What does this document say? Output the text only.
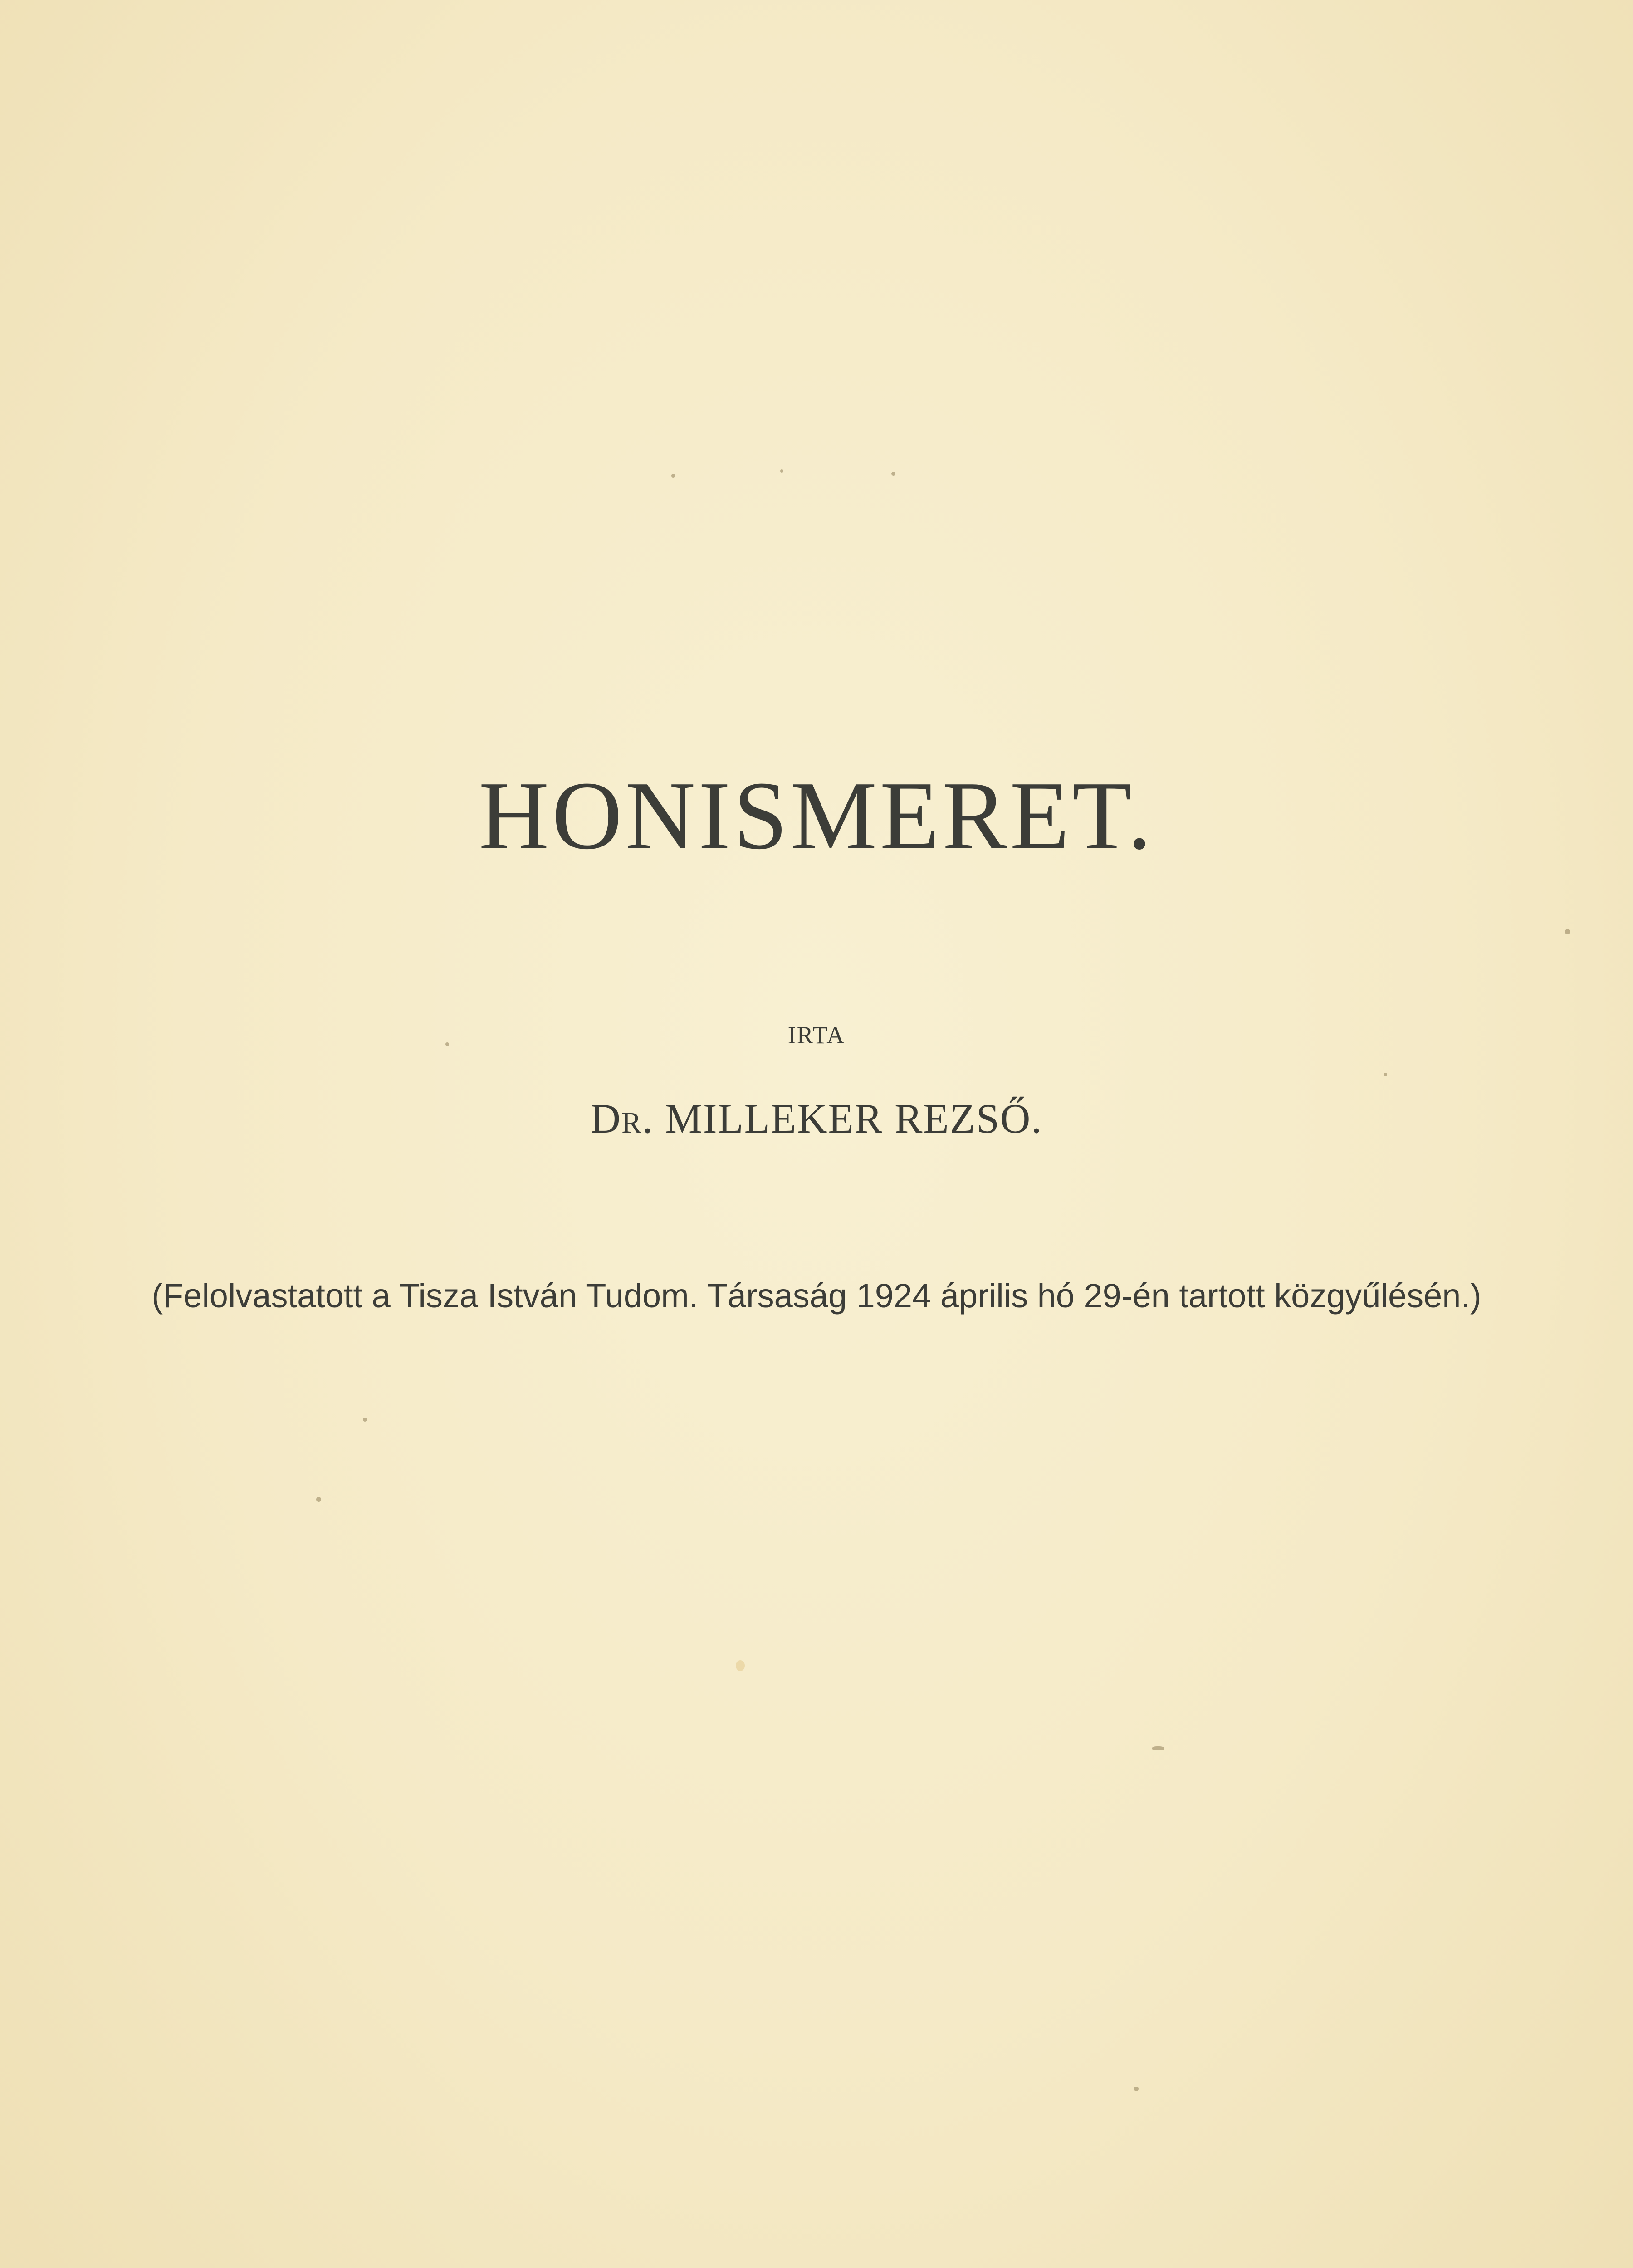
HONISMERET.
IRTA
DR. MILLEKER REZSŐ.
(Felolvastatott a Tisza István Tudom. Társaság 1924 április hó 29-én tartott közgyűlésén.)
